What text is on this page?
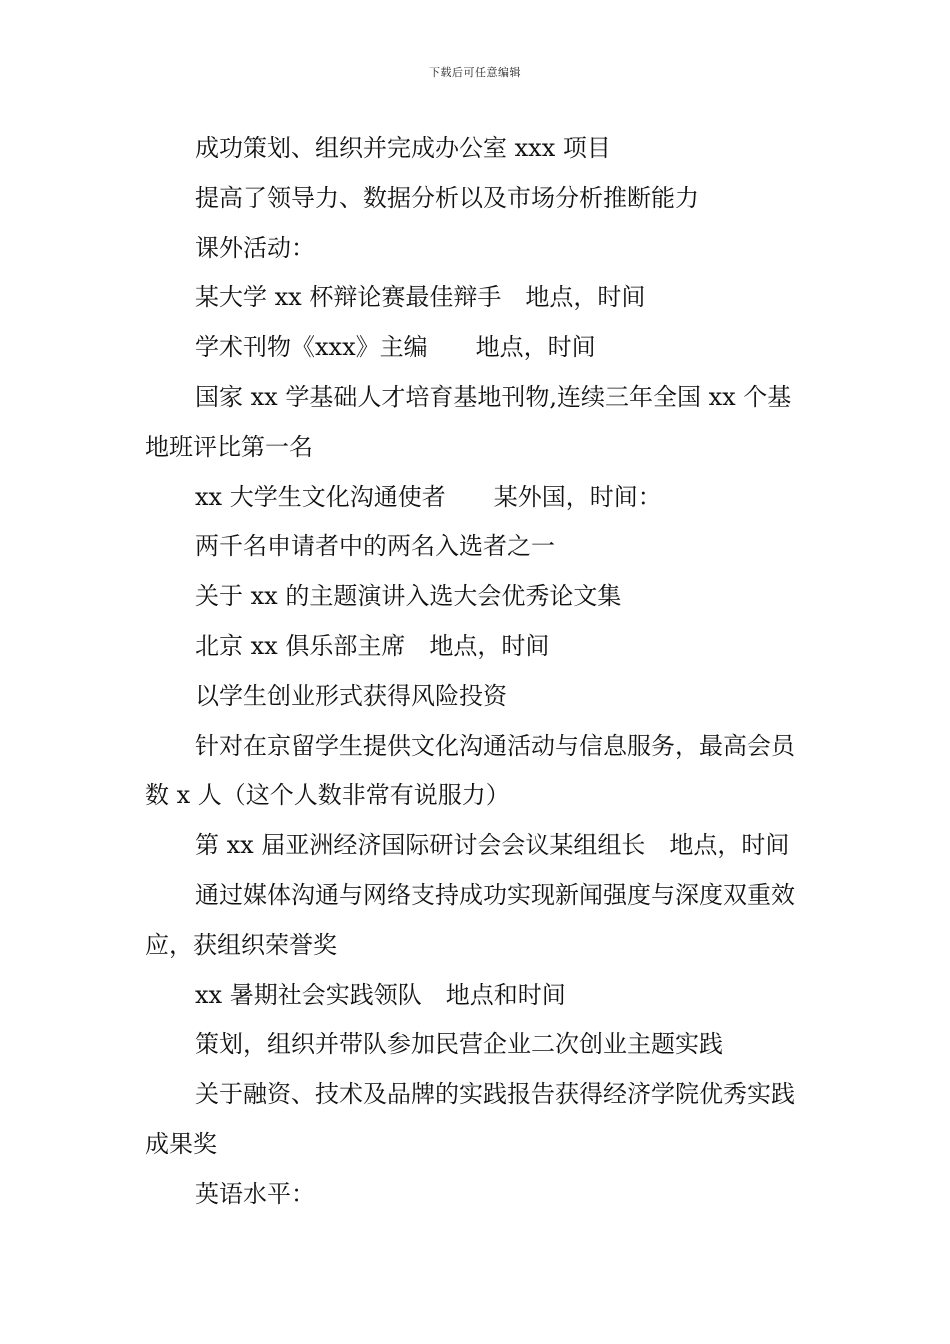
下载后可任意编辑

成功策划、组织并完成办公室 xxx 项目

提高了领导力、数据分析以及市场分析推断能力

课外活动：

某大学 xx 杯辩论赛最佳辩手　地点，时间

学术刊物《xxx》主编　　地点，时间

国家 xx 学基础人才培育基地刊物,连续三年全国 xx 个基地班评比第一名

xx 大学生文化沟通使者　　某外国，时间：

两千名申请者中的两名入选者之一

关于 xx 的主题演讲入选大会优秀论文集

北京 xx 俱乐部主席　地点，时间

以学生创业形式获得风险投资

针对在京留学生提供文化沟通活动与信息服务，最高会员数 x 人（这个人数非常有说服力）

第 xx 届亚洲经济国际研讨会会议某组组长　地点，时间

通过媒体沟通与网络支持成功实现新闻强度与深度双重效应，获组织荣誉奖

xx 暑期社会实践领队　地点和时间

策划，组织并带队参加民营企业二次创业主题实践

关于融资、技术及品牌的实践报告获得经济学院优秀实践成果奖

英语水平：
